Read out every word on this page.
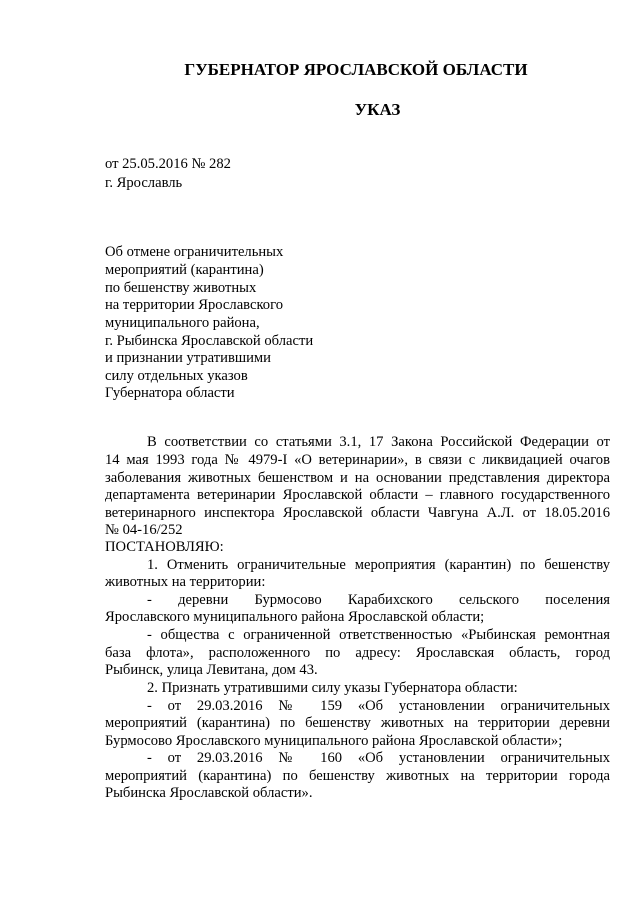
ГУБЕРНАТОР ЯРОСЛАВСКОЙ ОБЛАСТИ
УКАЗ
от 25.05.2016 № 282
г. Ярославль
Об отмене ограничительных
мероприятий (карантина)
по бешенству животных
на территории Ярославского
муниципального района,
г. Рыбинска Ярославской области
и признании утратившими
силу отдельных указов
Губернатора области
В соответствии со статьями 3.1, 17 Закона Российской Федерации от
14 мая 1993 года № 4979-I «О ветеринарии», в связи с ликвидацией очагов
заболевания животных бешенством и на основании представления директора
департамента ветеринарии Ярославской области – главного государственного
ветеринарного инспектора Ярославской области Чавгуна А.Л. от 18.05.2016
№ 04-16/252
ПОСТАНОВЛЯЮ:
1. Отменить ограничительные мероприятия (карантин) по бешенству
животных на территории:
- деревни Бурмосово Карабихского сельского поселения
Ярославского муниципального района Ярославской области;
- общества с ограниченной ответственностью «Рыбинская ремонтная
база флота», расположенного по адресу: Ярославская область, город
Рыбинск, улица Левитана, дом 43.
2. Признать утратившими силу указы Губернатора области:
- от 29.03.2016 № 159 «Об установлении ограничительных
мероприятий (карантина) по бешенству животных на территории деревни
Бурмосово Ярославского муниципального района Ярославской области»;
- от 29.03.2016 № 160 «Об установлении ограничительных
мероприятий (карантина) по бешенству животных на территории города
Рыбинска Ярославской области».
